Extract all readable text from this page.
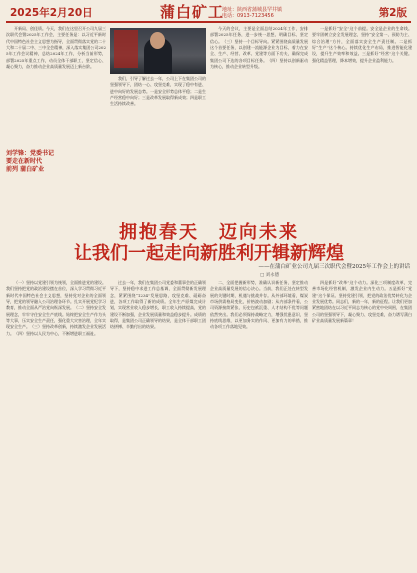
2025年2月20日	蒲白矿工
地址：陕西省蒲城县罕井镇
电话：0913-7123456	第2版

开新局、创佳绩。今天，我们在这里召开公司九届三次职代会暨2025年工作会，主要任务是：以习近平新时代中国特色社会主义思想为指导，全面贯彻落实党的二十大和二十届二中、三中全会精神，深入落实集团公司2025年工作会议精神，总结2024年工作，分析当前形势，部署2025年重点工作，动员全体干部职工，坚定信心、凝心聚力，奋力推动企业高质量发展迈上新台阶。

刘学锋：党委书记
要走在新时代
前列 蒲白矿业

我们，引导了解过去一年，公司上下在集团公司的坚强领导下，团结一心、攻坚克难，实现了稳中有进、进中向好的发展态势。一是安全形势总体平稳；二是生产经营稳中向好；三是改革发展取得新成效；四是职工生活持续改善。

今天的会议，主要是全面总结2024年工作，安排部署2025年任务，进一步统一思想、明确目标、坚定信心。（三）坚持一个目标导向。紧紧围绕高质量发展这个首要任务，以创建一流能源企业为目标，着力在安全、生产、经营、改革、党建等方面下功夫，确保完成集团公司下达的各项目标任务。（四）坚持以创新驱动为核心，推动企业转型升级。

一是抓好“安全”这个前提。安全是企业的生命线。要牢固树立安全发展理念，坚持“安全第一、预防为主、综合治理”方针，全面落实安全生产责任制。二是抓好“生产”这个核心。持续优化生产布局，推进智能化建设，提升生产效率和效益。三是抓好“经营”这个关键。强化精益管理，降本增效，提升企业盈利能力。

拥抱春天　迈向未来
让我们一起走向新胜利开辑新辉煌
——在蒲白矿业公司九届三次职代会暨2025年工作会上的讲话
□ 刘永德

（一）坚持以党建引领为统领，全面推进党的建设。我们坚持把党的政治建设摆在首位，深入学习贯彻习近平新时代中国特色社会主义思想，坚持党对企业的全面领导，把党的领导融入公司治理各环节。扎实开展党纪学习教育，推动全面从严治党向纵深发展。（二）坚持安全发展理念，牢牢守住安全生产底线。始终把安全生产作为头等大事，压实安全生产责任，强化重大灾害治理，全年实现安全生产。（三）坚持改革创新，持续激发企业发展活力。（四）坚持以人民为中心，不断增进职工福祉。

过去一年，我们在集团公司党委和董事会的正确领导下，坚持稳中求进工作总基调，全面贯彻新发展理念，紧紧围绕“1234”发展思路，攻坚克难、砥砺奋进，各项工作取得了新的成绩。全年生产原煤完成计划，实现营业收入稳步增长，职工收入持续提高，党的建设不断加强，企业发展质量和效益稳步提升。成绩的取得，是集团公司正确领导的结果，是全体干部职工团结拼搏、辛勤付出的结果。

二、全面把握新形势，准确认识新任务，坚定推动企业高质量发展的信心决心。当前，我们正处在转型发展的关键时期，机遇与挑战并存。从外部环境看，煤炭市场供需格局变化，价格波动加剧；从内部条件看，公司资源接续紧张、历史包袱沉重、人才结构不优等问题依然突出。我们必须保持战略定力，增强忧患意识，坚持底线思维，以更加务实的作风、更加有力的举措，推动各项工作落地见效。

四是抓好“改革”这个动力。深化三项制度改革，完善市场化经营机制，激发企业内生动力。五是抓好“党建”这个保证。坚持党建引领，把党的政治优势转化为企业发展优势。同志们，新的一年，新的征程。让我们更加紧密地团结在以习近平同志为核心的党中央周围，在集团公司的坚强领导下，凝心聚力、攻坚克难，奋力谱写蒲白矿业高质量发展新篇章！
